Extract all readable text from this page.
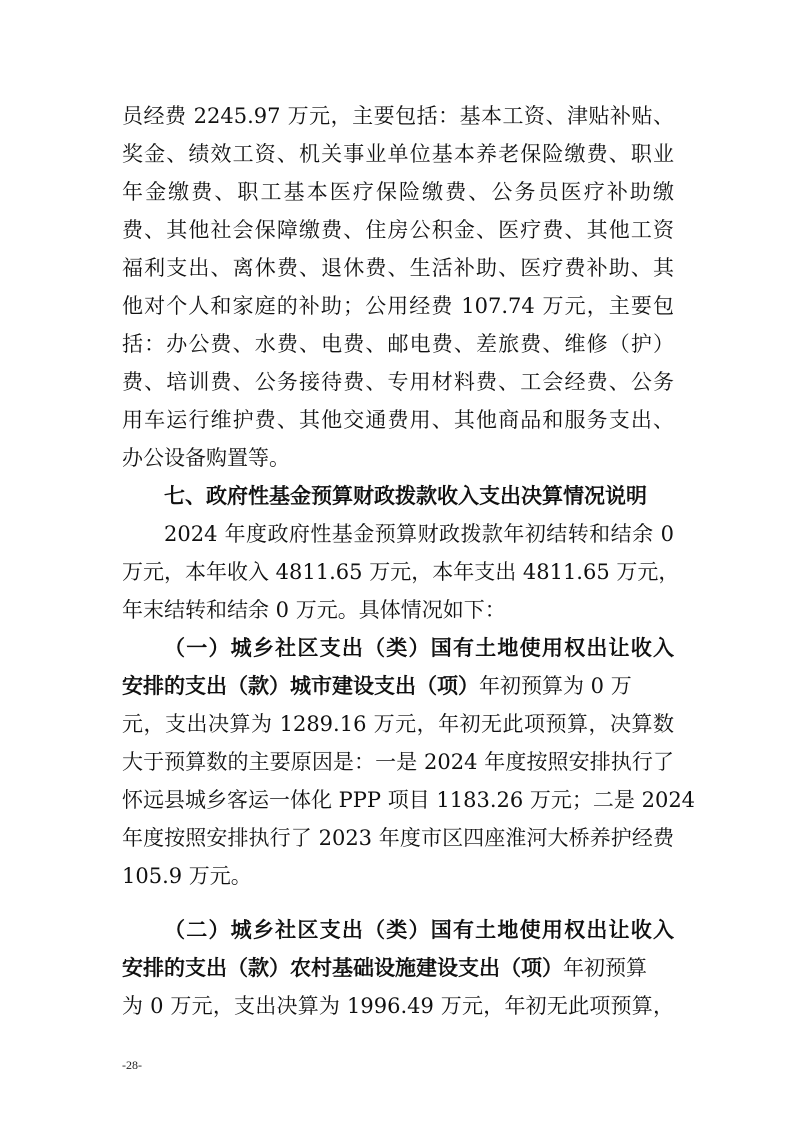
员经费 2245.97 万元，主要包括：基本工资、津贴补贴、
奖金、绩效工资、机关事业单位基本养老保险缴费、职业
年金缴费、职工基本医疗保险缴费、公务员医疗补助缴
费、其他社会保障缴费、住房公积金、医疗费、其他工资
福利支出、离休费、退休费、生活补助、医疗费补助、其
他对个人和家庭的补助；公用经费 107.74 万元，主要包
括：办公费、水费、电费、邮电费、差旅费、维修（护）
费、培训费、公务接待费、专用材料费、工会经费、公务
用车运行维护费、其他交通费用、其他商品和服务支出、
办公设备购置等。
七、政府性基金预算财政拨款收入支出决算情况说明
2024 年度政府性基金预算财政拨款年初结转和结余 0
万元，本年收入 4811.65 万元，本年支出 4811.65 万元，
年末结转和结余 0 万元。具体情况如下：
（一）城乡社区支出（类）国有土地使用权出让收入
安排的支出（款）城市建设支出（项）年初预算为 0 万
元，支出决算为 1289.16 万元，年初无此项预算，决算数
大于预算数的主要原因是：一是 2024 年度按照安排执行了
怀远县城乡客运一体化 PPP 项目 1183.26 万元；二是 2024
年度按照安排执行了 2023 年度市区四座淮河大桥养护经费
105.9 万元。
（二）城乡社区支出（类）国有土地使用权出让收入
安排的支出（款）农村基础设施建设支出（项）年初预算
为 0 万元，支出决算为 1996.49 万元，年初无此项预算，
-28-
